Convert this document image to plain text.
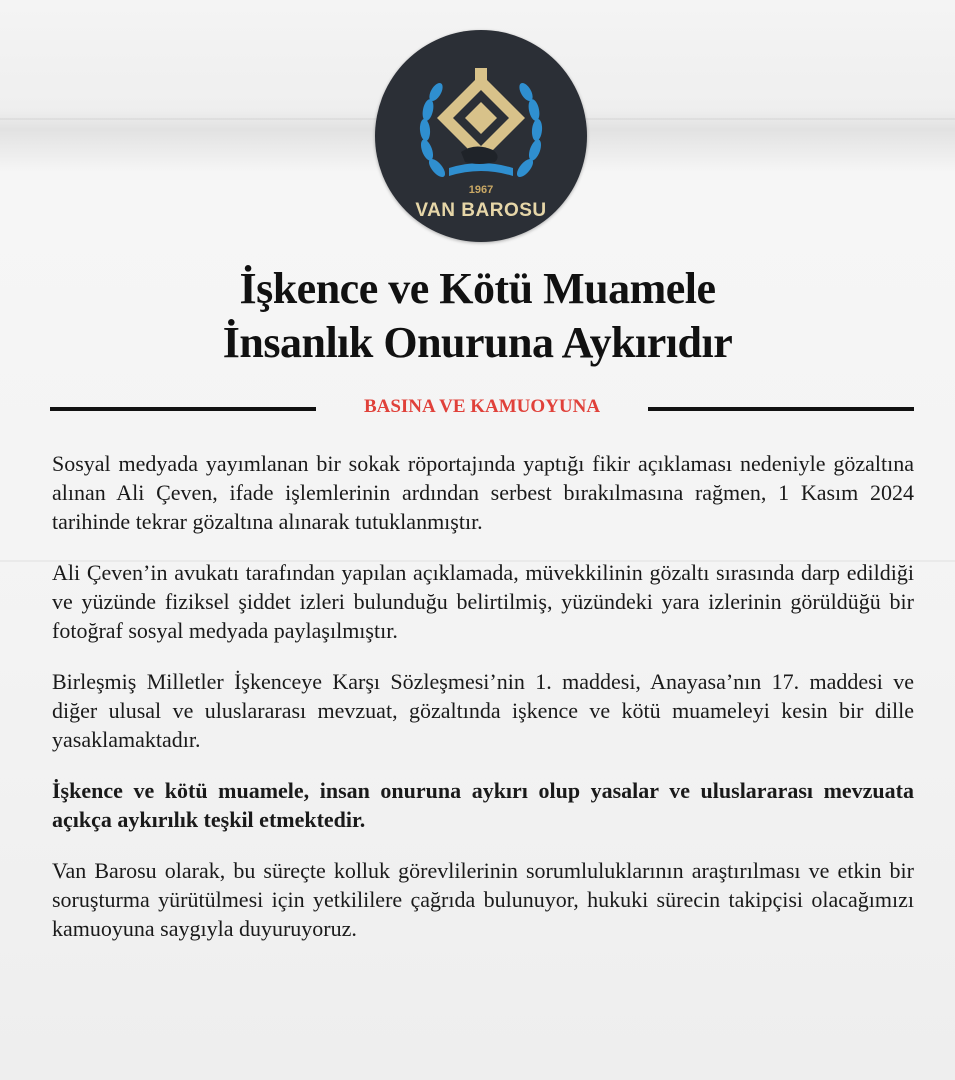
1967
VAN BAROSU
İşkence ve Kötü Muamele
İnsanlık Onuruna Aykırıdır
BASINA VE KAMUOYUNA

Sosyal medyada yayımlanan bir sokak röportajında yaptığı fikir açıklaması nedeniyle gözaltına alınan Ali Çeven, ifade işlemlerinin ardından serbest bırakılmasına rağmen, 1 Kasım 2024 tarihinde tekrar gözaltına alınarak tutuklanmıştır.

Ali Çeven’in avukatı tarafından yapılan açıklamada, müvekkilinin gözaltı sırasında darp edildiği ve yüzünde fiziksel şiddet izleri bulunduğu belirtilmiş, yüzündeki yara izlerinin görüldüğü bir fotoğraf sosyal medyada paylaşılmıştır.

Birleşmiş Milletler İşkenceye Karşı Sözleşmesi’nin 1. maddesi, Anayasa’nın 17. maddesi ve diğer ulusal ve uluslararası mevzuat, gözaltında işkence ve kötü muameleyi kesin bir dille yasaklamaktadır.

İşkence ve kötü muamele, insan onuruna aykırı olup yasalar ve uluslararası mevzuata açıkça aykırılık teşkil etmektedir.

Van Barosu olarak, bu süreçte kolluk görevlilerinin sorumluluklarının araştırılması ve etkin bir soruşturma yürütülmesi için yetkililere çağrıda bulunuyor, hukuki sürecin takipçisi olacağımızı kamuoyuna saygıyla duyuruyoruz.
